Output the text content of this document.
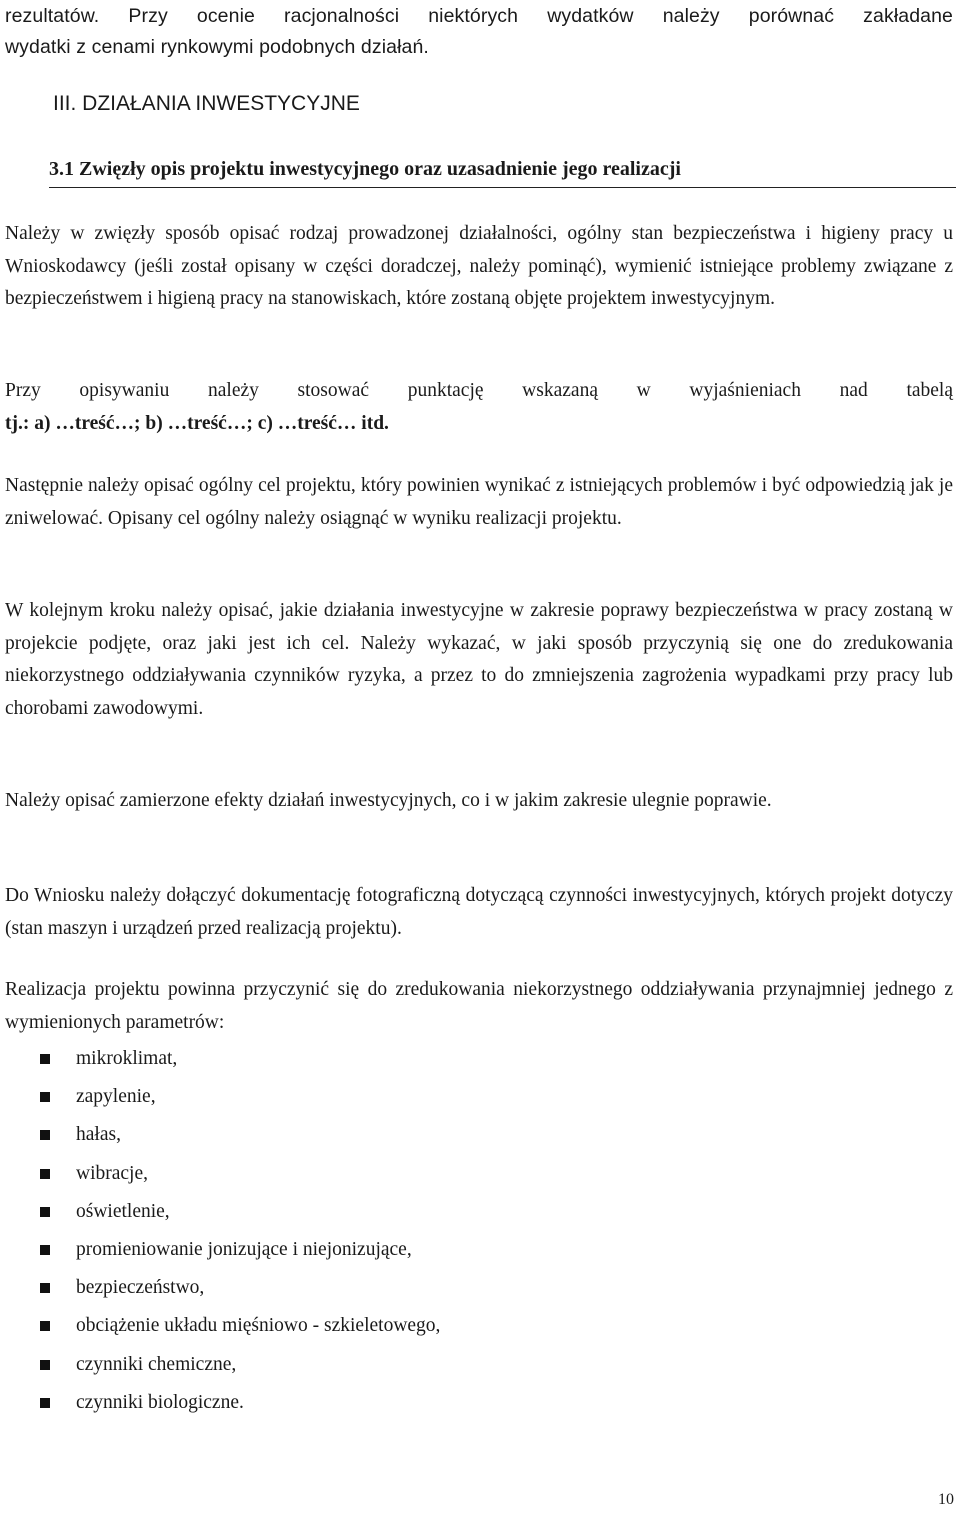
rezultatów. Przy ocenie racjonalności niektórych wydatków należy porównać zakładane
wydatki z cenami rynkowymi podobnych działań.
III. DZIAŁANIA INWESTYCYJNE
3.1 Zwięzły opis projektu inwestycyjnego oraz uzasadnienie jego realizacji
Należy w zwięzły sposób opisać rodzaj prowadzonej działalności, ogólny stan bezpieczeństwa i higieny pracy u Wnioskodawcy (jeśli został opisany w części doradczej, należy pominąć), wymienić istniejące problemy związane z bezpieczeństwem i higieną pracy na stanowiskach, które zostaną objęte projektem inwestycyjnym.
Przy opisywaniu należy stosować punktację wskazaną w wyjaśnieniach nad tabelą
tj.: a) …treść…; b) …treść…; c) …treść… itd.
Następnie należy opisać ogólny cel projektu, który powinien wynikać z istniejących problemów i być odpowiedzią jak je zniwelować. Opisany cel ogólny należy osiągnąć w wyniku realizacji projektu.
W kolejnym kroku należy opisać, jakie działania inwestycyjne w zakresie poprawy bezpieczeństwa w pracy zostaną w projekcie podjęte, oraz jaki jest ich cel. Należy wykazać, w jaki sposób przyczynią się one do zredukowania niekorzystnego oddziaływania czynników ryzyka, a przez to do zmniejszenia zagrożenia wypadkami przy pracy lub chorobami zawodowymi.
Należy opisać zamierzone efekty działań inwestycyjnych, co i w jakim zakresie ulegnie poprawie.
Do Wniosku należy dołączyć dokumentację fotograficzną dotyczącą czynności inwestycyjnych, których projekt dotyczy (stan maszyn i urządzeń przed realizacją projektu).
Realizacja projektu powinna przyczynić się do zredukowania niekorzystnego oddziaływania przynajmniej jednego z wymienionych parametrów:
mikroklimat,
zapylenie,
hałas,
wibracje,
oświetlenie,
promieniowanie jonizujące i niejonizujące,
bezpieczeństwo,
obciążenie układu mięśniowo - szkieletowego,
czynniki chemiczne,
czynniki biologiczne.
10
